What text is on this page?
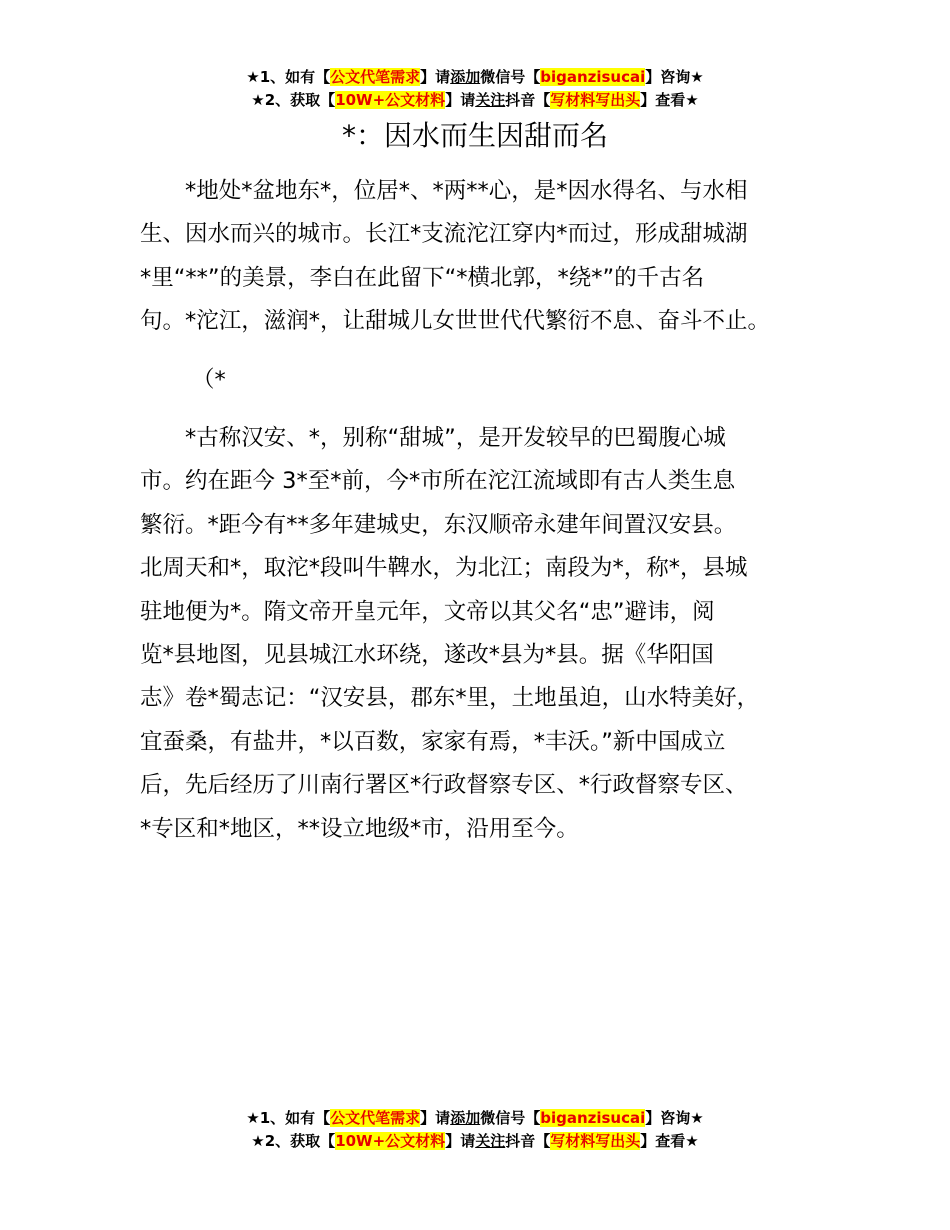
★1、如有【公文代笔需求】请添加微信号【biganzisucai】咨询★
★2、获取【10W+公文材料】请关注抖音【写材料写出头】查看★
*：因水而生因甜而名

*地处*盆地东*，位居*、*两**心，是*因水得名、与水相
生、因水而兴的城市。长江*支流沱江穿内*而过，形成甜城湖
*里“**”的美景，李白在此留下“*横北郭，*绕*”的千古名
句。*沱江，滋润*，让甜城儿女世世代代繁衍不息、奋斗不止。

（*

*古称汉安、*，别称“甜城”，是开发较早的巴蜀腹心城
市。约在距今 3*至*前，今*市所在沱江流域即有古人类生息
繁衍。*距今有**多年建城史，东汉顺帝永建年间置汉安县。
北周天和*，取沱*段叫牛鞞水，为北江；南段为*，称*，县城
驻地便为*。隋文帝开皇元年，文帝以其父名“忠”避讳，阅
览*县地图，见县城江水环绕，遂改*县为*县。据《华阳国
志》卷*蜀志记：“汉安县，郡东*里，土地虽迫，山水特美好，
宜蚕桑，有盐井，*以百数，家家有焉，*丰沃。”新中国成立
后，先后经历了川南行署区*行政督察专区、*行政督察专区、
*专区和*地区，**设立地级*市，沿用至今。

★1、如有【公文代笔需求】请添加微信号【biganzisucai】咨询★
★2、获取【10W+公文材料】请关注抖音【写材料写出头】查看★
